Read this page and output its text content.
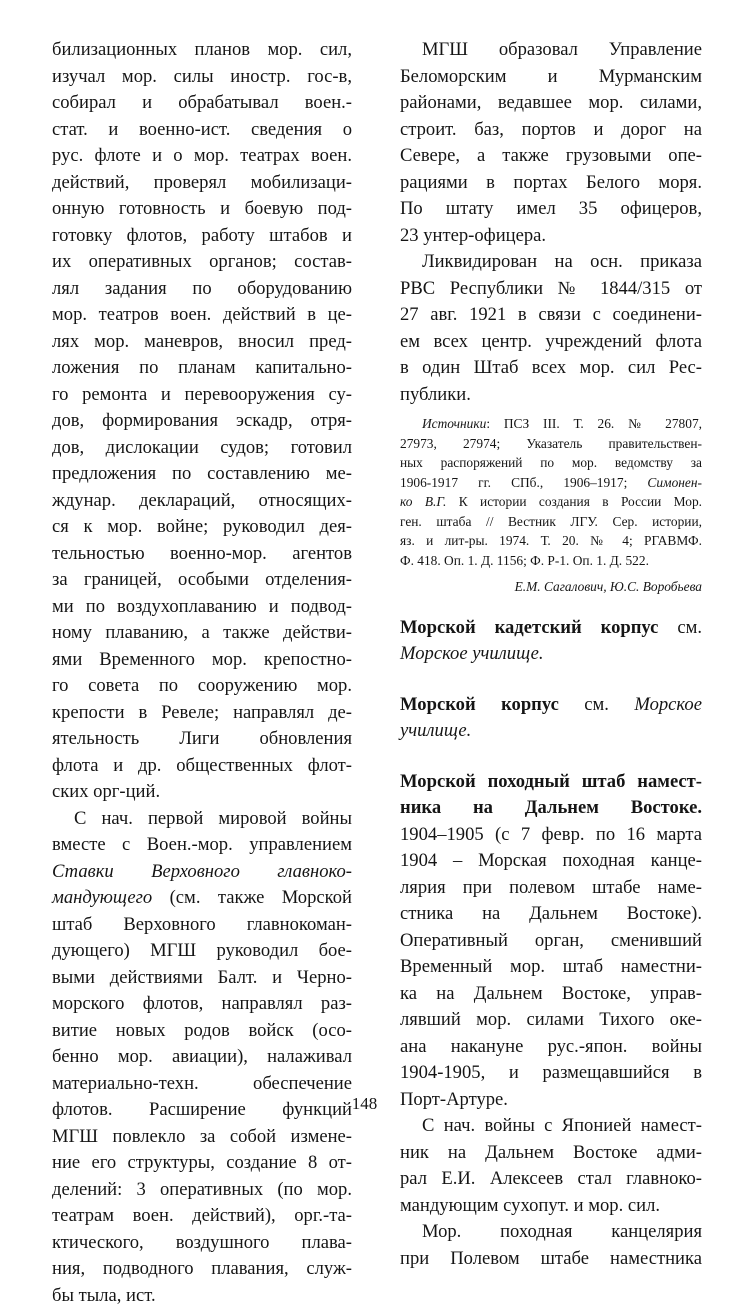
билизационных планов мор. сил,
изучал мор. силы иностр. гос-в,
собирал и обрабатывал воен.-
стат. и военно-ист. сведения о
рус. флоте и о мор. театрах воен.
действий, проверял мобилизаци-
онную готовность и боевую под-
готовку флотов, работу штабов и
их оперативных органов; состав-
лял задания по оборудованию
мор. театров воен. действий в це-
лях мор. маневров, вносил пред-
ложения по планам капитально-
го ремонта и перевооружения су-
дов, формирования эскадр, отря-
дов, дислокации судов; готовил
предложения по составлению ме-
ждунар. деклараций, относящих-
ся к мор. войне; руководил дея-
тельностью военно-мор. агентов
за границей, особыми отделения-
ми по воздухоплаванию и подвод-
ному плаванию, а также действи-
ями Временного мор. крепостно-
го совета по сооружению мор.
крепости в Ревеле; направлял де-
ятельность Лиги обновления
флота и др. общественных флот-
ских орг-ций.
С нач. первой мировой войны
вместе с Воен.-мор. управлением
Ставки Верховного главноко-
мандующего (см. также Морской
штаб Верховного главнокоман-
дующего) МГШ руководил бое-
выми действиями Балт. и Черно-
морского флотов, направлял раз-
витие новых родов войск (осо-
бенно мор. авиации), налаживал
материально-техн. обеспечение
флотов. Расширение функций
МГШ повлекло за собой измене-
ние его структуры, создание 8 от-
делений: 3 оперативных (по мор.
театрам воен. действий), орг.-та-
ктического, воздушного плава-
ния, подводного плавания, служ-
бы тыла, ист.
МГШ образовал Управление
Беломорским и Мурманским
районами, ведавшее мор. силами,
строит. баз, портов и дорог на
Севере, а также грузовыми опе-
рациями в портах Белого моря.
По штату имел 35 офицеров,
23 унтер-офицера.
Ликвидирован на осн. приказа
РВС Республики № 1844/315 от
27 авг. 1921 в связи с соединени-
ем всех центр. учреждений флота
в один Штаб всех мор. сил Рес-
публики.
Источники: ПСЗ III. Т. 26. № 27807,
27973, 27974; Указатель правительствен-
ных распоряжений по мор. ведомству за
1906-1917 гг. СПб., 1906–1917; Симонен-
ко В.Г. К истории создания в России Мор.
ген. штаба // Вестник ЛГУ. Сер. истории,
яз. и лит-ры. 1974. Т. 20. № 4; РГАВМФ.
Ф. 418. Оп. 1. Д. 1156; Ф. Р-1. Оп. 1. Д. 522.
Е.М. Сагалович, Ю.С. Воробьева
Морской кадетский корпус см.
Морское училище.
Морской корпус см. Морское
училище.
Морской походный штаб намест-
ника на Дальнем Востоке.
1904–1905 (с 7 февр. по 16 марта
1904 – Морская походная канце-
лярия при полевом штабе наме-
стника на Дальнем Востоке).
Оперативный орган, сменивший
Временный мор. штаб наместни-
ка на Дальнем Востоке, управ-
лявший мор. силами Тихого оке-
ана накануне рус.-япон. войны
1904-1905, и размещавшийся в
Порт-Артуре.
С нач. войны с Японией намест-
ник на Дальнем Востоке адми-
рал Е.И. Алексеев стал главноко-
мандующим сухопут. и мор. сил.
Мор. походная канцелярия
при Полевом штабе наместника
148
